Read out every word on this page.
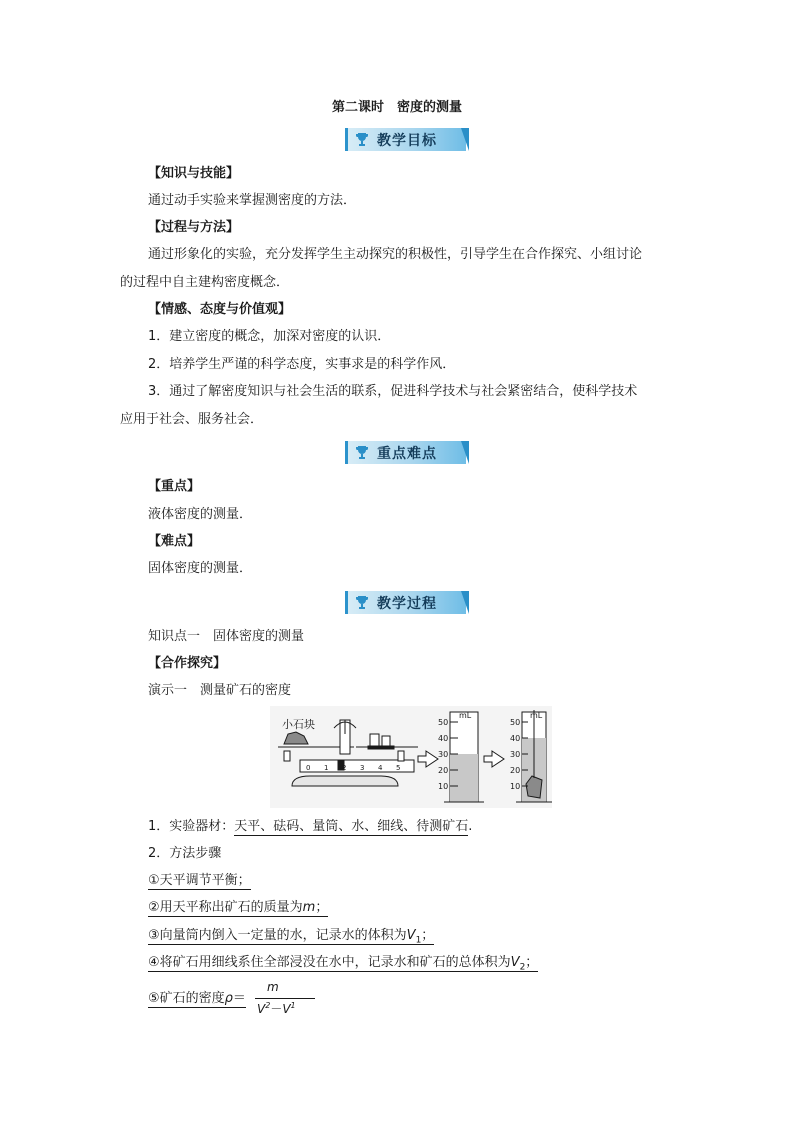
第二课时　密度的测量
教学目标
【知识与技能】
通过动手实验来掌握测密度的方法．
【过程与方法】
通过形象化的实验，充分发挥学生主动探究的积极性，引导学生在合作探究、小组讨论
的过程中自主建构密度概念．
【情感、态度与价值观】
1．建立密度的概念，加深对密度的认识．
2．培养学生严谨的科学态度，实事求是的科学作风．
3．通过了解密度知识与社会生活的联系，促进科学技术与社会紧密结合，使科学技术
应用于社会、服务社会．
重点难点
【重点】
液体密度的测量．
【难点】
固体密度的测量．
教学过程
知识点一　固体密度的测量
【合作探究】
演示一　测量矿石的密度
小石块
0 1 2 3 4 5
mL
50
40
30
20
10
mL
50
40
30
20
10
1．实验器材：天平、砝码、量筒、水、细线、待测矿石.
2．方法步骤
①天平调节平衡；
②用天平称出矿石的质量为m；
③向量筒内倒入一定量的水，记录水的体积为$V_1$；
④将矿石用细线系住全部浸没在水中，记录水和矿石的总体积为$V_2$；
⑤矿石的密度ρ＝
m
$V^2-V^1$
